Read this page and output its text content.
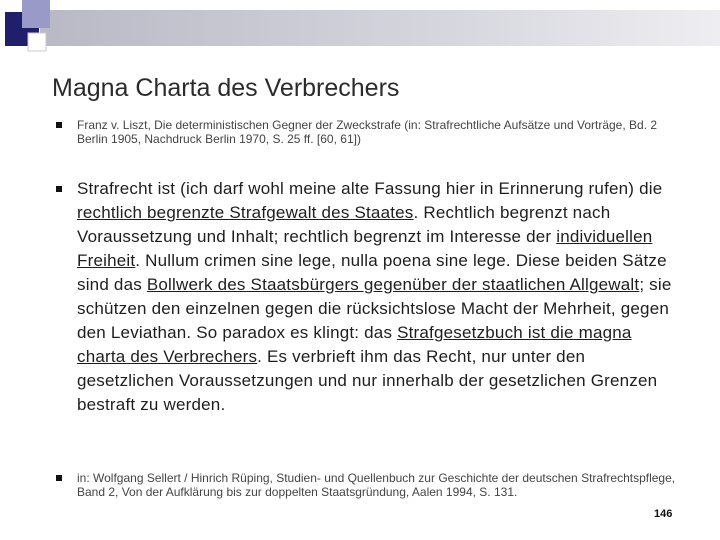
Magna Charta des Verbrechers
Franz v. Liszt, Die deterministischen Gegner der Zweckstrafe (in: Strafrechtliche Aufsätze und Vorträge, Bd. 2 Berlin 1905, Nachdruck Berlin 1970, S. 25 ff. [60, 61])
Strafrecht ist (ich darf wohl meine alte Fassung hier in Erinnerung rufen) die rechtlich begrenzte Strafgewalt des Staates. Rechtlich begrenzt nach Voraussetzung und Inhalt; rechtlich begrenzt im Interesse der individuellen Freiheit. Nullum crimen sine lege, nulla poena sine lege. Diese beiden Sätze sind das Bollwerk des Staatsbürgers gegenüber der staatlichen Allgewalt; sie schützen den einzelnen gegen die rücksichtslose Macht der Mehrheit, gegen den Leviathan. So paradox es klingt: das Strafgesetzbuch ist die magna charta des Verbrechers. Es verbrieft ihm das Recht, nur unter den gesetzlichen Voraussetzungen und nur innerhalb der gesetzlichen Grenzen bestraft zu werden.
in: Wolfgang Sellert / Hinrich Rüping, Studien- und Quellenbuch zur Geschichte der deutschen Strafrechtspflege, Band 2, Von der Aufklärung bis zur doppelten Staatsgründung, Aalen 1994, S. 131.
146
